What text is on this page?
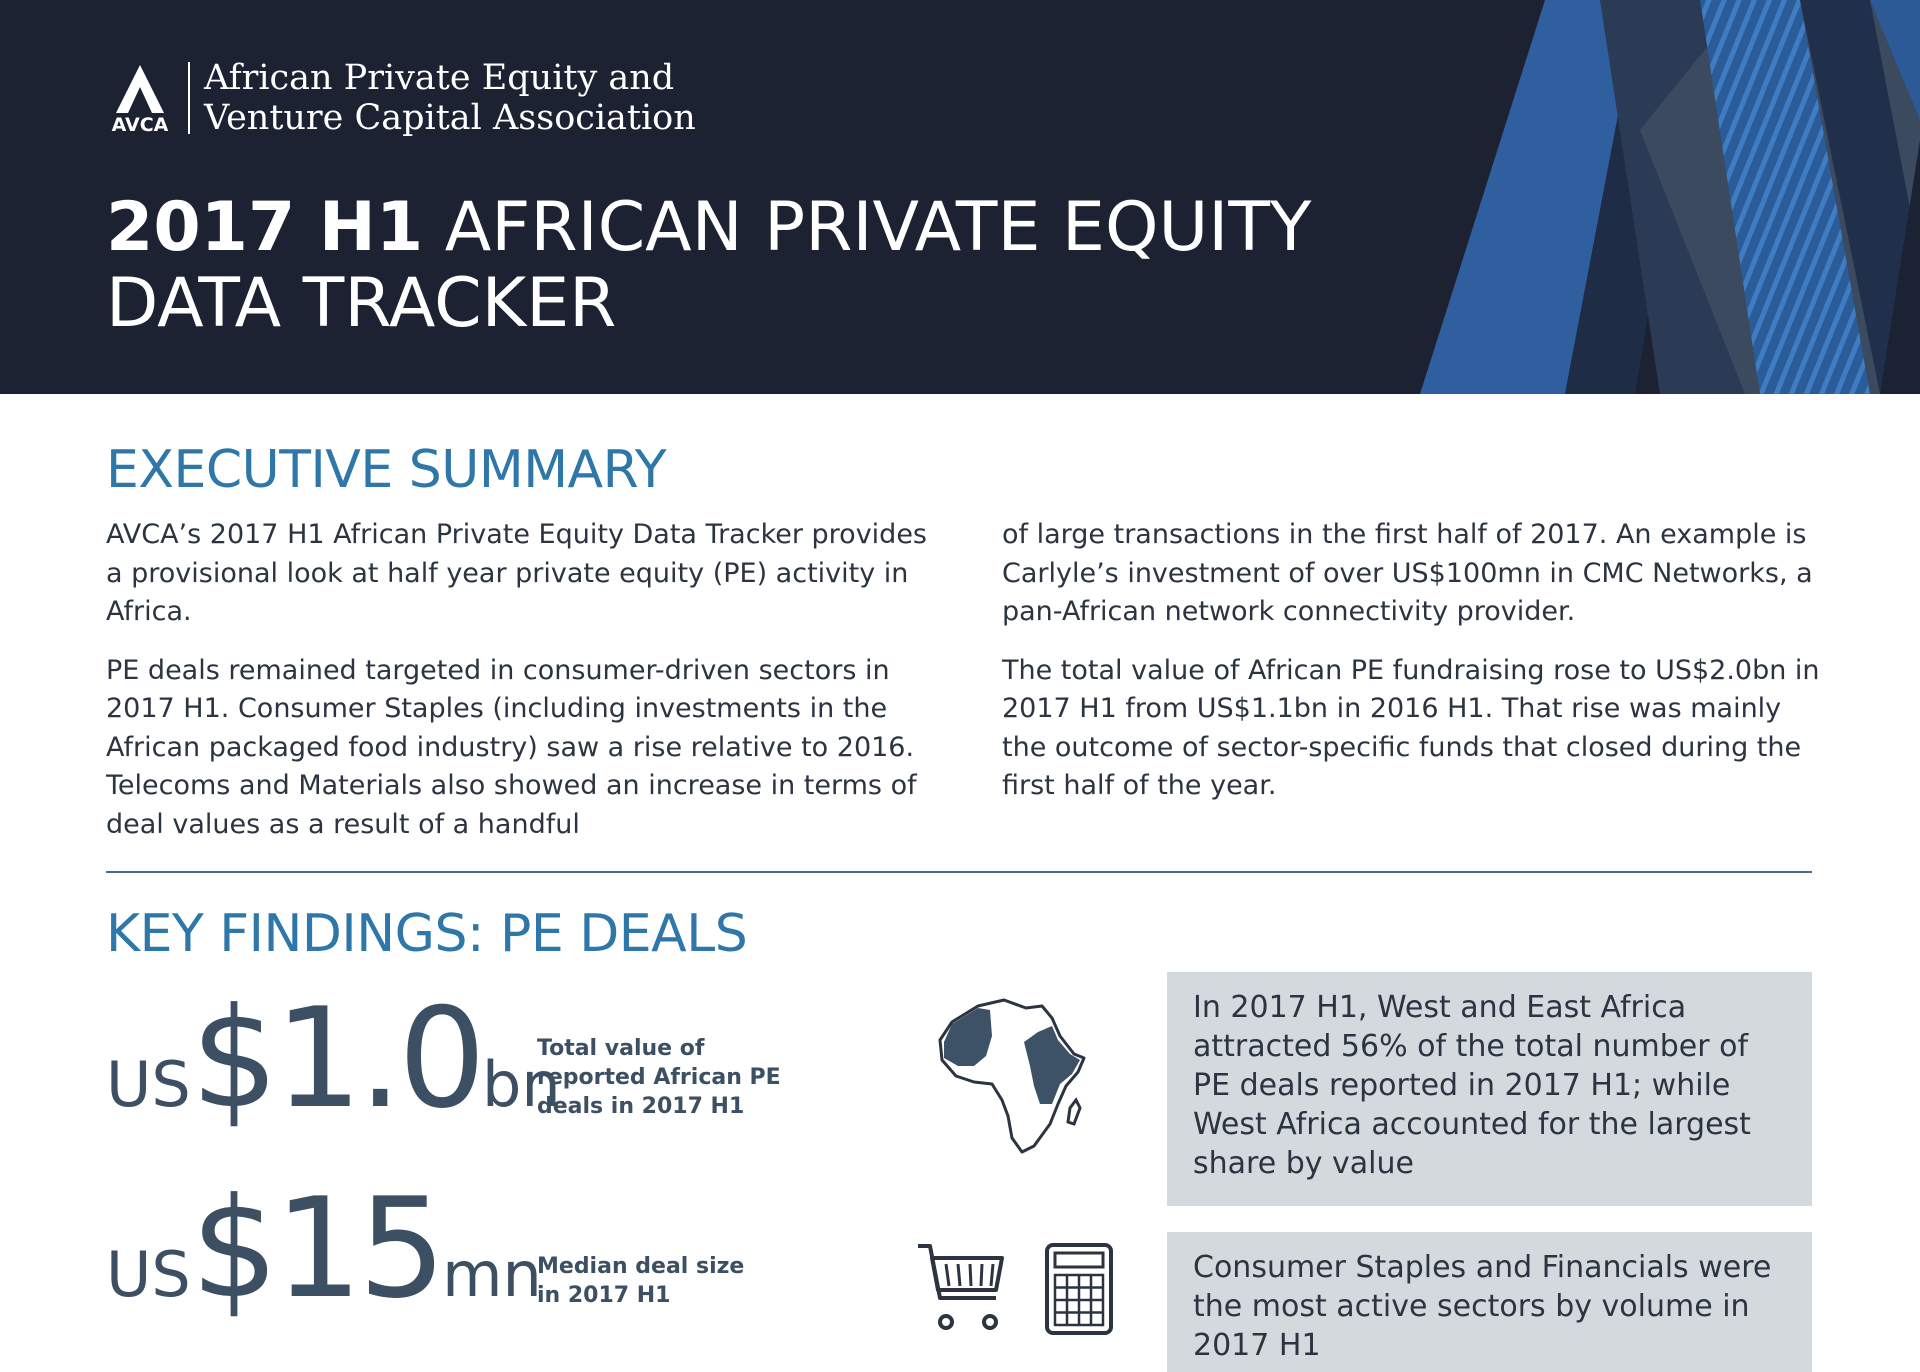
AVCA
African Private Equity and
Venture Capital Association
2017 H1 AFRICAN PRIVATE EQUITY
DATA TRACKER
EXECUTIVE SUMMARY

AVCA’s 2017 H1 African Private Equity Data Tracker provides a provisional look at half year private equity (PE) activity in Africa.

PE deals remained targeted in consumer-driven sectors in 2017 H1. Consumer Staples (including investments in the African packaged food industry) saw a rise relative to 2016. Telecoms and Materials also showed an increase in terms of deal values as a result of a handful

of large transactions in the first half of 2017. An example is Carlyle’s investment of over US$100mn in CMC Networks, a pan-African network connectivity provider.

The total value of African PE fundraising rose to US$2.0bn in 2017 H1 from US$1.1bn in 2016 H1. That rise was mainly the outcome of sector-specific funds that closed during the first half of the year.

KEY FINDINGS: PE DEALS
US $1.0 bn
Total value of
reported African PE
deals in 2017 H1
US $15 mn
Median deal size
in 2017 H1
In 2017 H1, West and East Africa attracted 56% of the total number of PE deals reported in 2017 H1; while West Africa accounted for the largest share by value
Consumer Staples and Financials were the most active sectors by volume in 2017 H1
